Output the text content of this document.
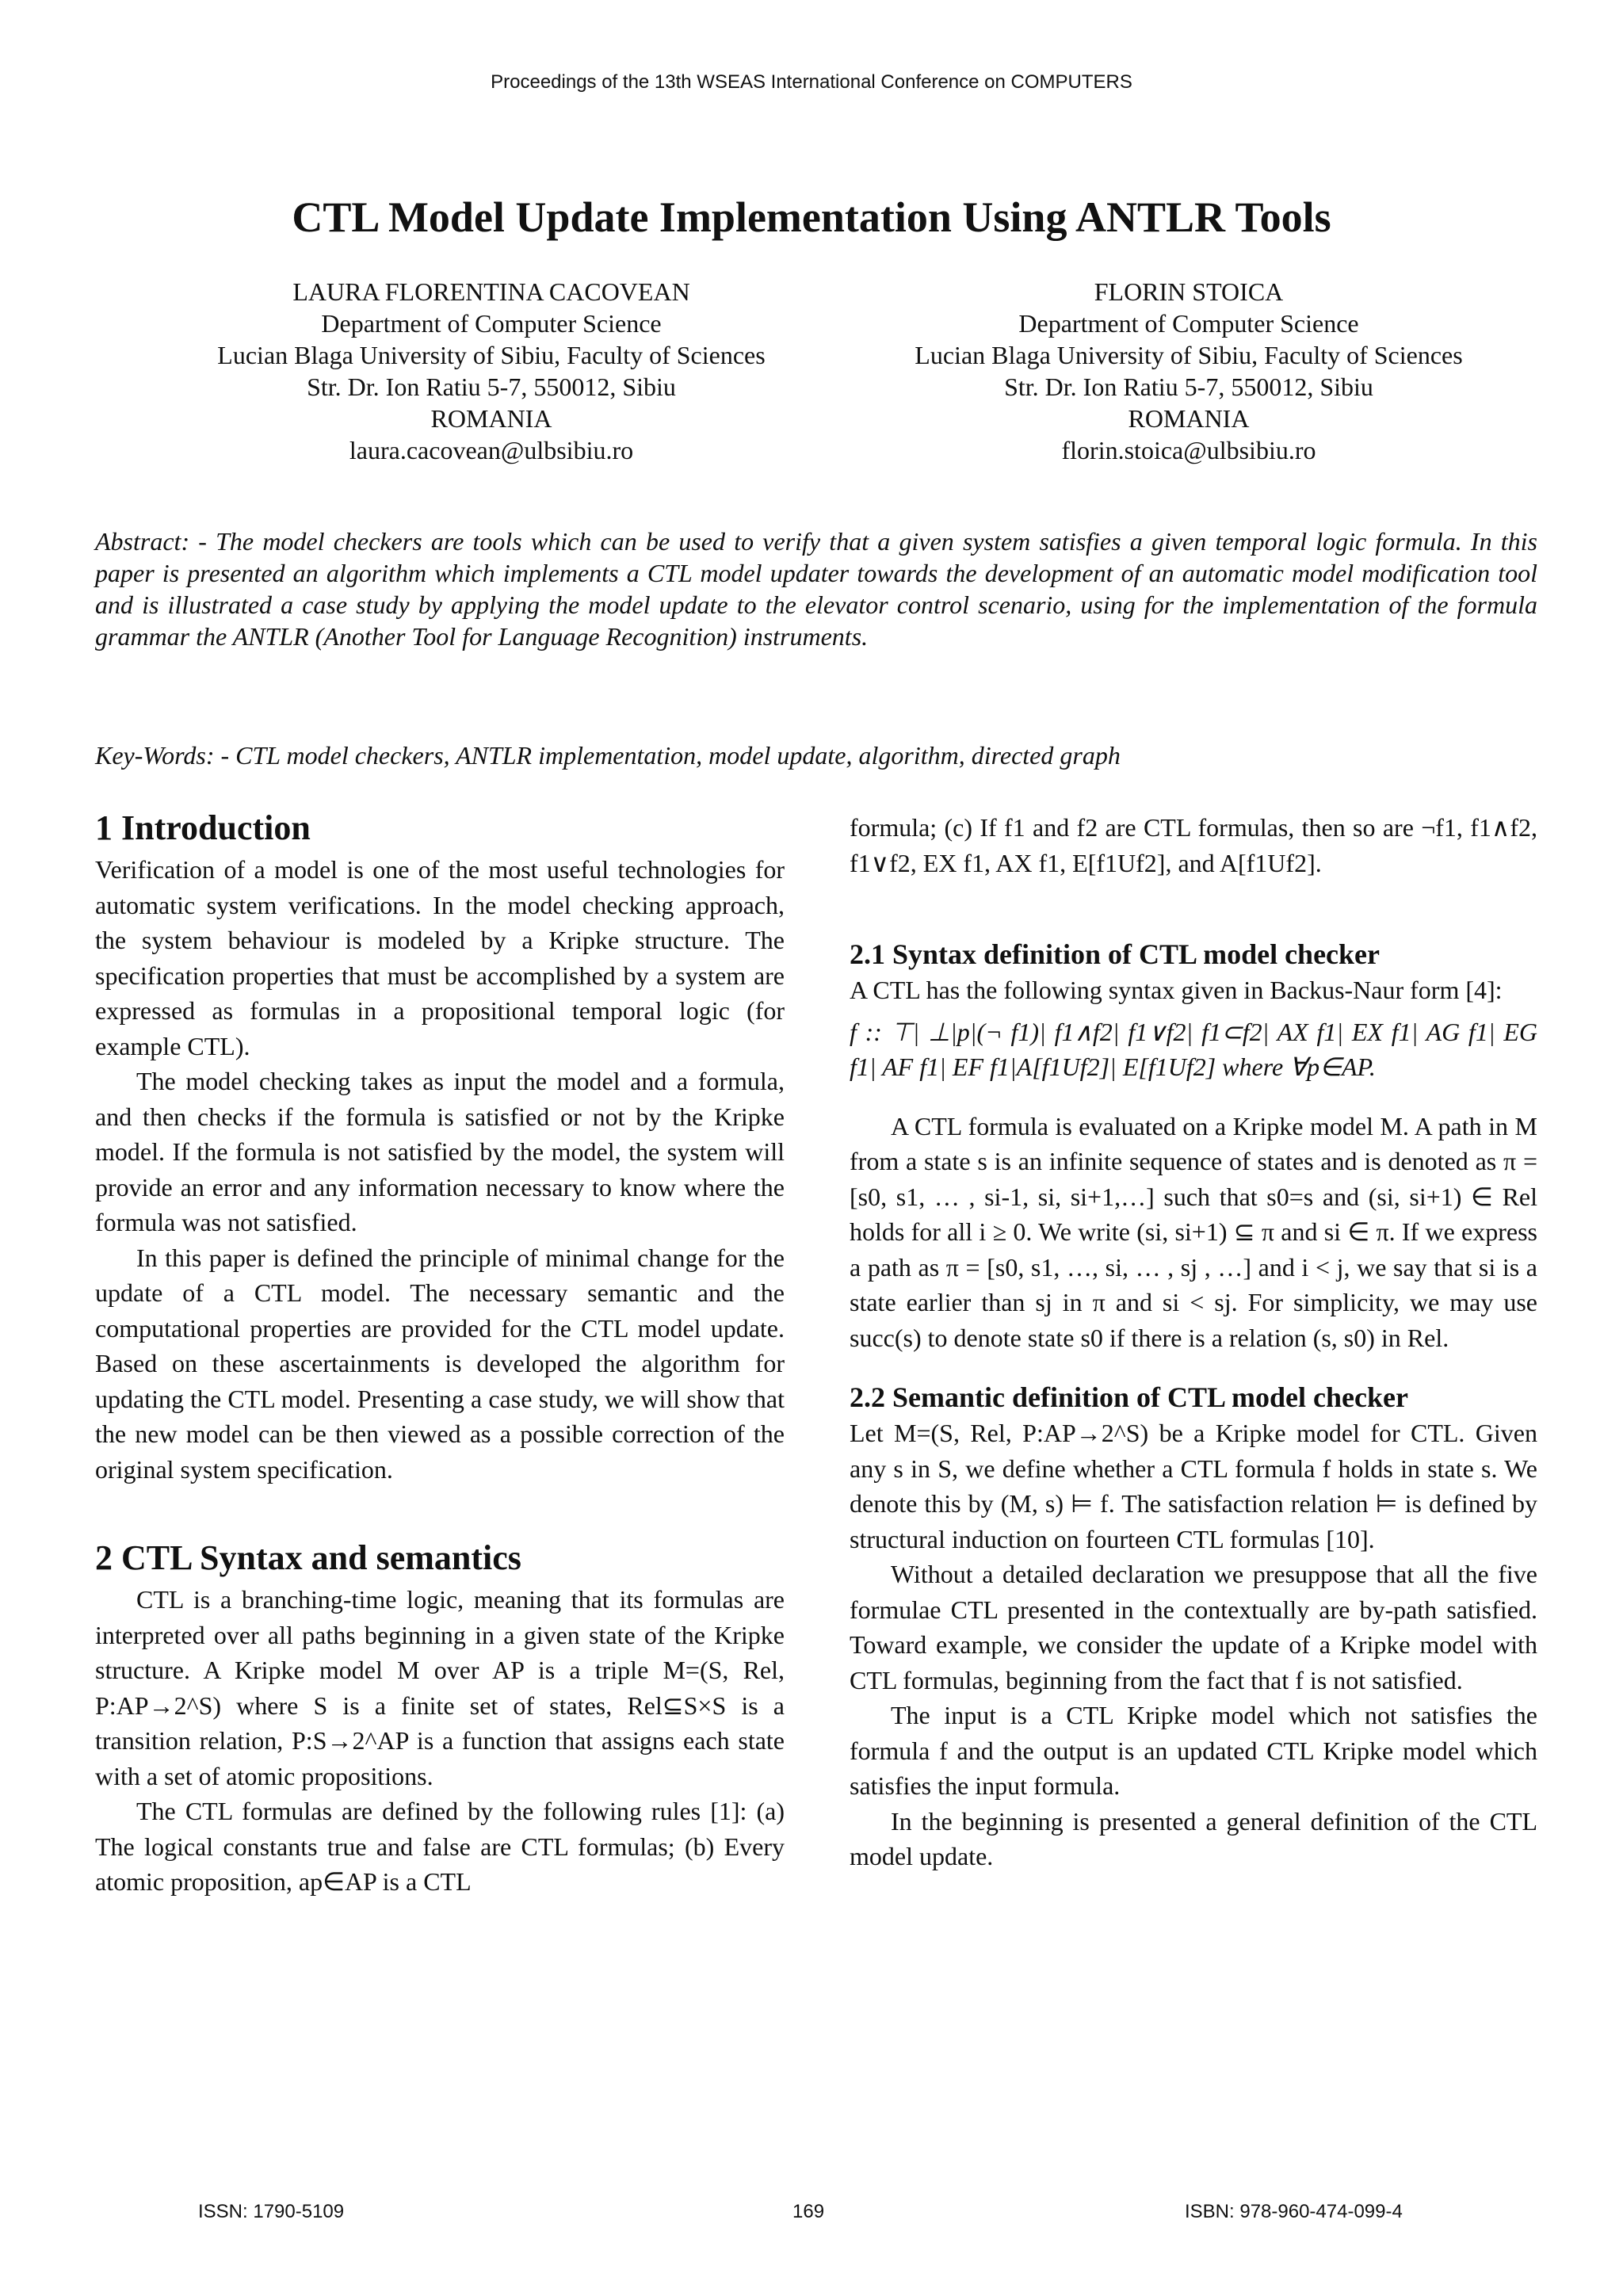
Proceedings of the 13th WSEAS International Conference on COMPUTERS
CTL Model Update Implementation Using ANTLR Tools
LAURA FLORENTINA CACOVEAN
Department of Computer Science
Lucian Blaga University of Sibiu, Faculty of Sciences
Str. Dr. Ion Ratiu 5-7, 550012, Sibiu
ROMANIA
laura.cacovean@ulbsibiu.ro
FLORIN STOICA
Department of Computer Science
Lucian Blaga University of Sibiu, Faculty of Sciences
Str. Dr. Ion Ratiu 5-7, 550012, Sibiu
ROMANIA
florin.stoica@ulbsibiu.ro
Abstract: - The model checkers are tools which can be used to verify that a given system satisfies a given temporal logic formula. In this paper is presented an algorithm which implements a CTL model updater towards the development of an automatic model modification tool and is illustrated a case study by applying the model update to the elevator control scenario, using for the implementation of the formula grammar the ANTLR (Another Tool for Language Recognition) instruments.
Key-Words: - CTL model checkers, ANTLR implementation, model update, algorithm, directed graph
1 Introduction

Verification of a model is one of the most useful technologies for automatic system verifications. In the model checking approach, the system behaviour is modeled by a Kripke structure. The specification properties that must be accomplished by a system are expressed as formulas in a propositional temporal logic (for example CTL).

The model checking takes as input the model and a formula, and then checks if the formula is satisfied or not by the Kripke model. If the formula is not satisfied by the model, the system will provide an error and any information necessary to know where the formula was not satisfied.

In this paper is defined the principle of minimal change for the update of a CTL model. The necessary semantic and the computational properties are provided for the CTL model update. Based on these ascertainments is developed the algorithm for updating the CTL model. Presenting a case study, we will show that the new model can be then viewed as a possible correction of the original system specification.

2 CTL Syntax and semantics

CTL is a branching-time logic, meaning that its formulas are interpreted over all paths beginning in a given state of the Kripke structure. A Kripke model M over AP is a triple M=(S, Rel, P:AP→2^S) where S is a finite set of states, Rel⊆S×S is a transition relation, P:S→2^AP is a function that assigns each state with a set of atomic propositions.

The CTL formulas are defined by the following rules [1]: (a) The logical constants true and false are CTL formulas; (b) Every atomic proposition, ap∈AP is a CTL

formula; (c) If f1 and f2 are CTL formulas, then so are ¬f1, f1∧f2, f1∨f2, EX f1, AX f1, E[f1Uf2], and A[f1Uf2].

2.1 Syntax definition of CTL model checker

A CTL has the following syntax given in Backus-Naur form [4]:

f :: ⊤| ⊥|p|(¬ f1)| f1∧f2| f1∨f2| f1⊂f2| AX f1| EX f1| AG f1| EG f1| AF f1| EF f1|A[f1Uf2]| E[f1Uf2] where ∀p∈AP.

A CTL formula is evaluated on a Kripke model M. A path in M from a state s is an infinite sequence of states and is denoted as π = [s0, s1, … , si-1, si, si+1,…] such that s0=s and (si, si+1) ∈ Rel holds for all i ≥ 0. We write (si, si+1) ⊆ π and si ∈ π. If we express a path as π = [s0, s1, …, si, … , sj , …] and i < j, we say that si is a state earlier than sj in π and si < sj. For simplicity, we may use succ(s) to denote state s0 if there is a relation (s, s0) in Rel.

2.2 Semantic definition of CTL model checker

Let M=(S, Rel, P:AP→2^S) be a Kripke model for CTL. Given any s in S, we define whether a CTL formula f holds in state s. We denote this by (M, s) ⊨ f. The satisfaction relation ⊨ is defined by structural induction on fourteen CTL formulas [10].

Without a detailed declaration we presuppose that all the five formulae CTL presented in the contextually are by-path satisfied. Toward example, we consider the update of a Kripke model with CTL formulas, beginning from the fact that f is not satisfied.

The input is a CTL Kripke model which not satisfies the formula f and the output is an updated CTL Kripke model which satisfies the input formula.

In the beginning is presented a general definition of the CTL model update.

ISSN: 1790-5109	169	ISBN: 978-960-474-099-4
